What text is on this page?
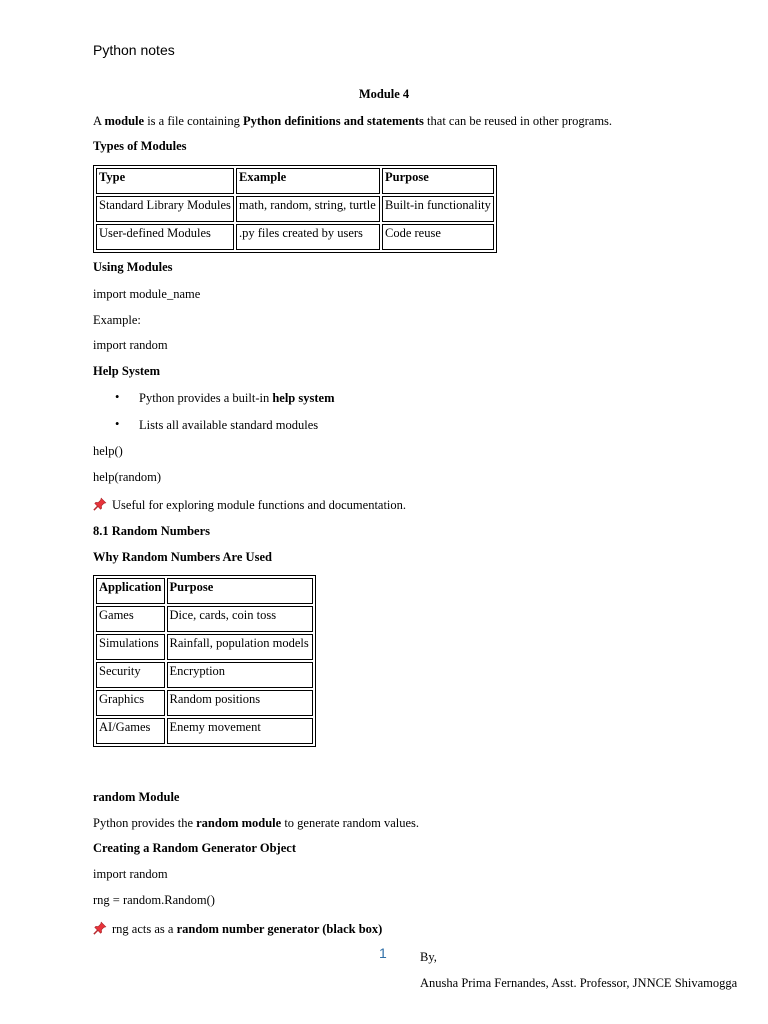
Python notes
Module 4
A module is a file containing Python definitions and statements that can be reused in other programs.
Types of Modules
Type	Example	Purpose
Standard Library Modules	math, random, string, turtle	Built-in functionality
User-defined Modules	.py files created by users	Code reuse
Using Modules
import module_name
Example:
import random
Help System
• Python provides a built-in help system
• Lists all available standard modules
help()
help(random)
Useful for exploring module functions and documentation.
8.1 Random Numbers
Why Random Numbers Are Used
Application	Purpose
Games	Dice, cards, coin toss
Simulations	Rainfall, population models
Security	Encryption
Graphics	Random positions
AI/Games	Enemy movement
random Module
Python provides the random module to generate random values.
Creating a Random Generator Object
import random
rng = random.Random()
rng acts as a random number generator (black box)
1	By,
Anusha Prima Fernandes, Asst. Professor, JNNCE Shivamogga
